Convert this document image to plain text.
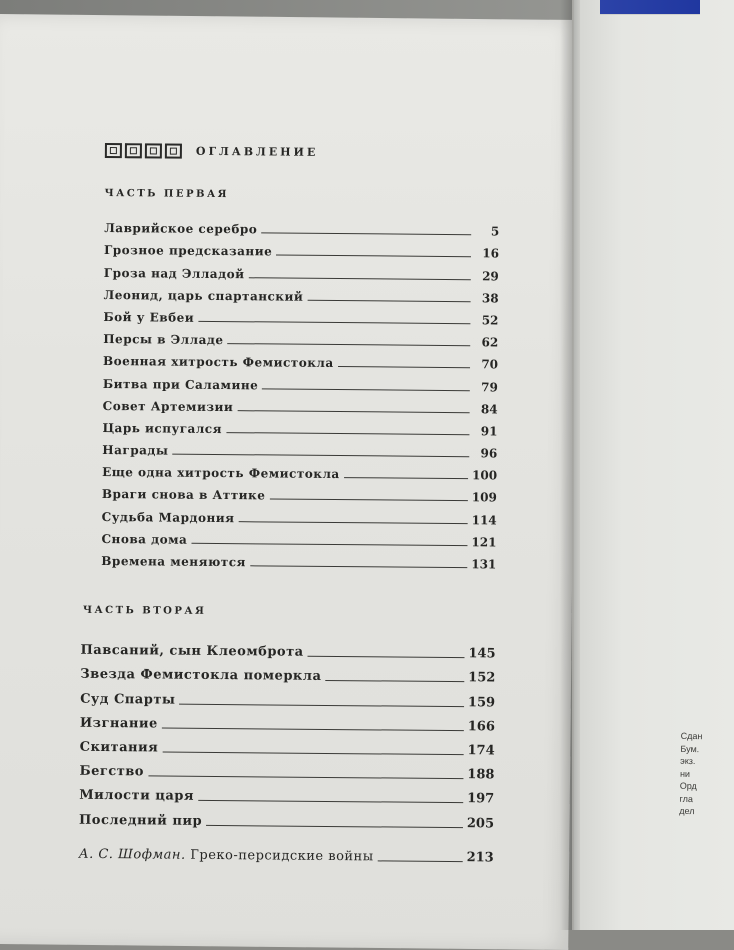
ОГЛАВЛЕНИЕ
ЧАСТЬ ПЕРВАЯ
Лаврийское серебро	5
Грозное предсказание	16
Гроза над Элладой	29
Леонид, царь спартанский	38
Бой у Евбеи	52
Персы в Элладе	62
Военная хитрость Фемистокла	70
Битва при Саламине	79
Совет Артемизии	84
Царь испугался	91
Награды	96
Еще одна хитрость Фемистокла	100
Враги снова в Аттике	109
Судьба Мардония	114
Снова дома	121
Времена меняются	131
ЧАСТЬ ВТОРАЯ
Павсаний, сын Клеомброта	145
Звезда Фемистокла померкла	152
Суд Спарты	159
Изгнание	166
Скитания	174
Бегство	188
Милости царя	197
Последний пир	205
А. С. Шофман. Греко-персидские войны	213
Сдан
Бум.
экз.
ни
Орд
гла
дел
